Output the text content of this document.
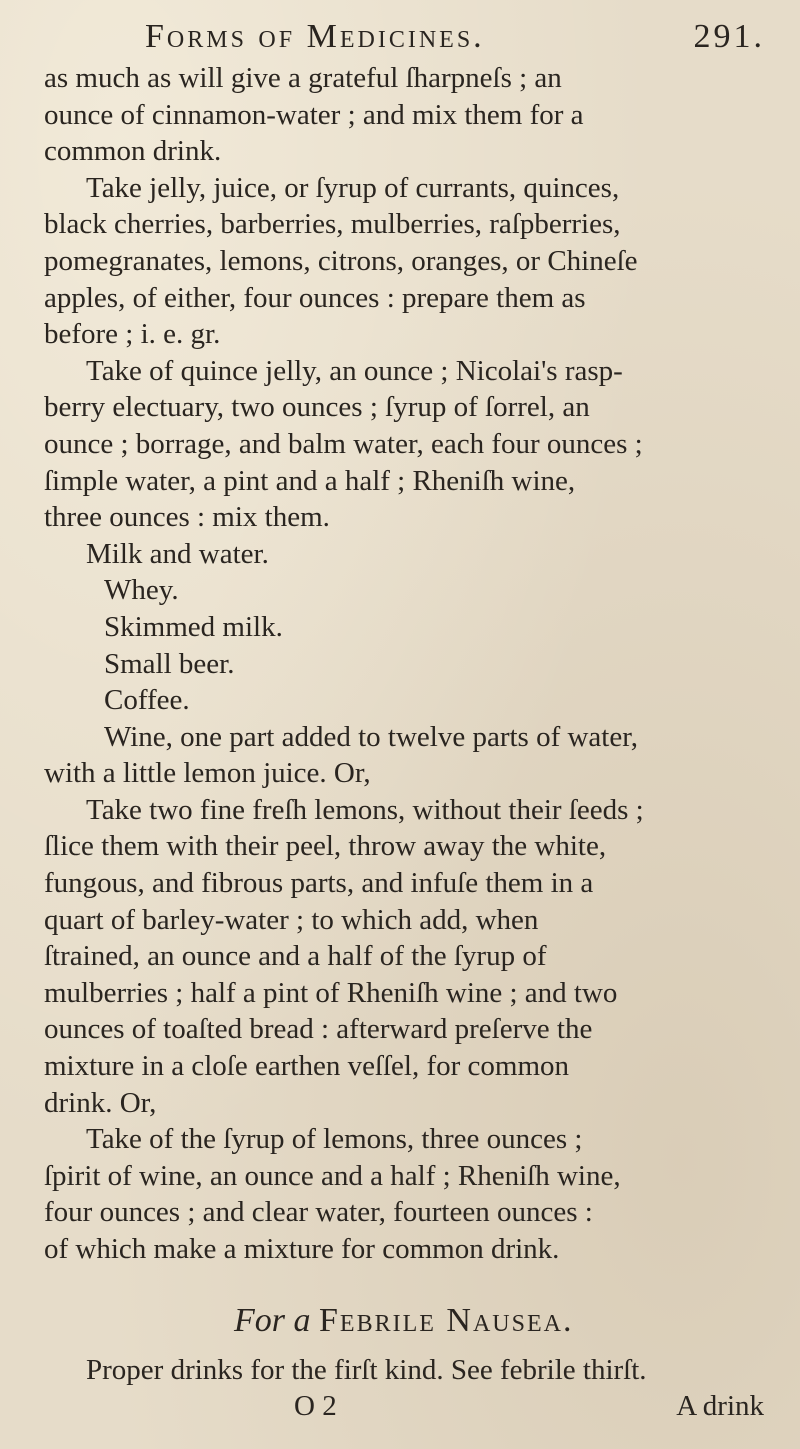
Forms of Medicines.	291.
as much as will give a grateful ſharpneſs ; an
ounce of cinnamon-water ; and mix them for a
common drink.
Take jelly, juice, or ſyrup of currants, quinces,
black cherries, barberries, mulberries, raſpberries,
pomegranates, lemons, citrons, oranges, or Chineſe
apples, of either, four ounces : prepare them as
before ; i. e. gr.
Take of quince jelly, an ounce ; Nicolai's rasp-
berry electuary, two ounces ; ſyrup of ſorrel, an
ounce ; borrage, and balm water, each four ounces ;
ſimple water, a pint and a half ; Rheniſh wine,
three ounces : mix them.
Milk and water.
Whey.
Skimmed milk.
Small beer.
Coffee.
Wine, one part added to twelve parts of water,
with a little lemon juice. Or,
Take two fine freſh lemons, without their ſeeds ;
ſlice them with their peel, throw away the white,
fungous, and fibrous parts, and infuſe them in a
quart of barley-water ; to which add, when
ſtrained, an ounce and a half of the ſyrup of
mulberries ; half a pint of Rheniſh wine ; and two
ounces of toaſted bread : afterward preſerve the
mixture in a cloſe earthen veſſel, for common
drink. Or,
Take of the ſyrup of lemons, three ounces ;
ſpirit of wine, an ounce and a half ; Rheniſh wine,
four ounces ; and clear water, fourteen ounces :
of which make a mixture for common drink.
For a Febrile Nausea.
Proper drinks for the firſt kind. See febrile thirſt.
O 2	A drink
